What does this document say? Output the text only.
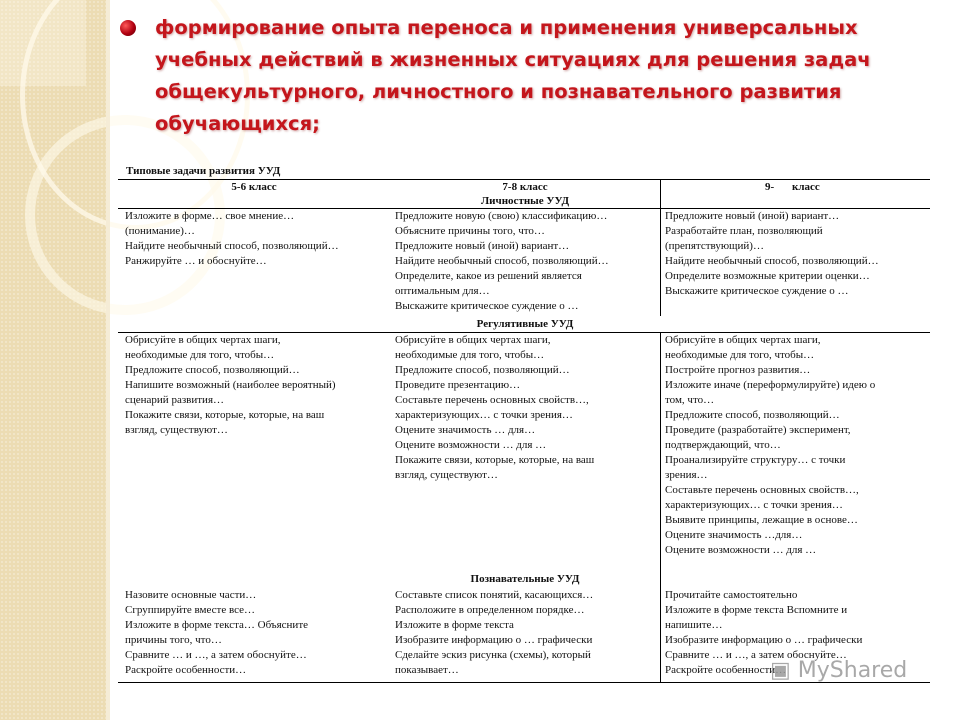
формирование опыта переноса и применения универсальных учебных действий в жизненных ситуациях для решения задач общекультурного, личностного и познавательного развития обучающихся;
Типовые задачи развития УУД
5-6 класс	7-8 класс	9- класс
Личностные УУД
Регулятивные УУД
Познавательные УУД
Изложите в форме… свое мнение…
(понимание)…
Найдите необычный способ, позволяющий…
Ранжируйте … и обоснуйте…
Предложите новую (свою) классификацию…
Объясните причины того, что…
Предложите новый (иной) вариант…
Найдите необычный способ, позволяющий…
Определите, какое из решений является
оптимальным для…
Выскажите критическое суждение о …
Предложите новый (иной) вариант…
Разработайте план, позволяющий
(препятствующий)…
Найдите необычный способ, позволяющий…
Определите возможные критерии оценки…
Выскажите критическое суждение о …
Обрисуйте в общих чертах шаги,
необходимые для того, чтобы…
Предложите способ, позволяющий…
Напишите возможный (наиболее вероятный)
сценарий развития…
Покажите связи, которые, которые, на ваш
взгляд, существуют…
Обрисуйте в общих чертах шаги,
необходимые для того, чтобы…
Предложите способ, позволяющий…
Проведите презентацию…
Составьте перечень основных свойств…,
характеризующих… с точки зрения…
Оцените значимость … для…
Оцените возможности … для …
Покажите связи, которые, которые, на ваш
взгляд, существуют…
Обрисуйте в общих чертах шаги,
необходимые для того, чтобы…
Постройте прогноз развития…
Изложите иначе (переформулируйте) идею о
том, что…
Предложите способ, позволяющий…
Проведите (разработайте) эксперимент,
подтверждающий, что…
Проанализируйте структуру… с точки
зрения…
Составьте перечень основных свойств…,
характеризующих… с точки зрения…
Выявите принципы, лежащие в основе…
Оцените значимость …для…
Оцените возможности … для …
Назовите основные части…
Сгруппируйте вместе все…
Изложите в форме текста… Объясните
причины того, что…
Сравните … и …, а затем обоснуйте…
Раскройте особенности…
Составьте список понятий, касающихся…
Расположите в определенном порядке…
Изложите в форме текста
Изобразите информацию о … графически
Сделайте эскиз рисунка (схемы), который
показывает…
Прочитайте самостоятельно
Изложите в форме текста Вспомните и
напишите…
Изобразите информацию о … графически
Сравните … и …, а затем обоснуйте…
Раскройте особенности…
▣ MyShared
